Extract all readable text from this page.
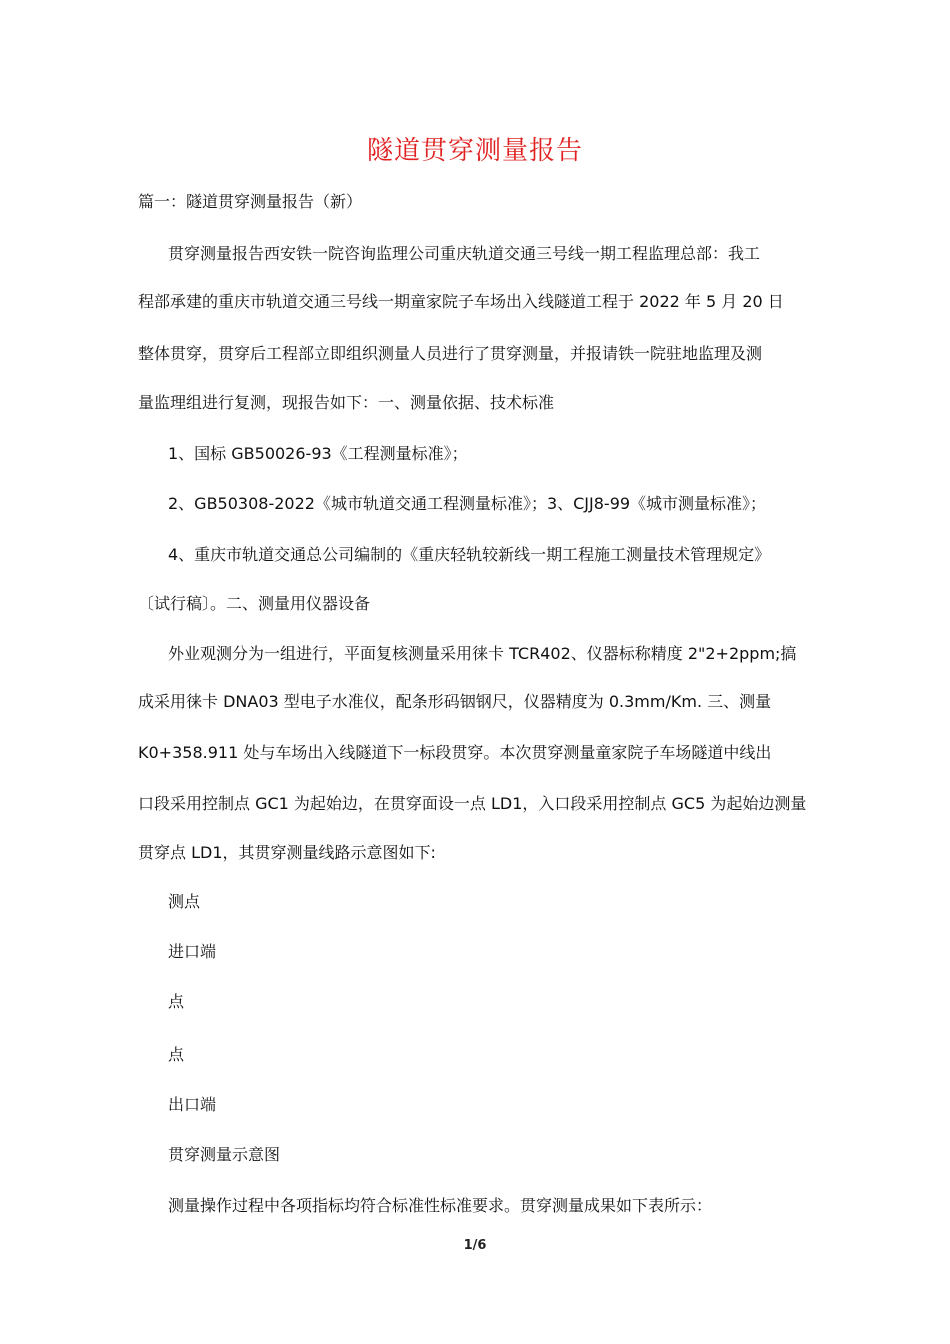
隧道贯穿测量报告
篇一：隧道贯穿测量报告（新）
贯穿测量报告西安铁一院咨询监理公司重庆轨道交通三号线一期工程监理总部：我工
程部承建的重庆市轨道交通三号线一期童家院子车场出入线隧道工程于 2022 年 5 月 20 日
整体贯穿，贯穿后工程部立即组织测量人员进行了贯穿测量，并报请铁一院驻地监理及测
量监理组进行复测，现报告如下：一、测量依据、技术标准
1、国标 GB50026-93《工程测量标准》；
2、GB50308-2022《城市轨道交通工程测量标准》；3、CJJ8-99《城市测量标准》；
4、重庆市轨道交通总公司编制的《重庆轻轨较新线一期工程施工测量技术管理规定》
〔试行稿〕。二、测量用仪器设备
外业观测分为一组进行，平面复核测量采用徕卡 TCR402、仪器标称精度 2"2+2ppm;搞
成采用徕卡 DNA03 型电子水准仪，配条形码铟钢尺，仪器精度为 0.3mm/Km. 三、测量
K0+358.911 处与车场出入线隧道下一标段贯穿。本次贯穿测量童家院子车场隧道中线出
口段采用控制点 GC1 为起始边，在贯穿面设一点 LD1，入口段采用控制点 GC5 为起始边测量
贯穿点 LD1，其贯穿测量线路示意图如下:
测点
进口端
点
点
出口端
贯穿测量示意图
测量操作过程中各项指标均符合标准性标准要求。贯穿测量成果如下表所示：
1/6
